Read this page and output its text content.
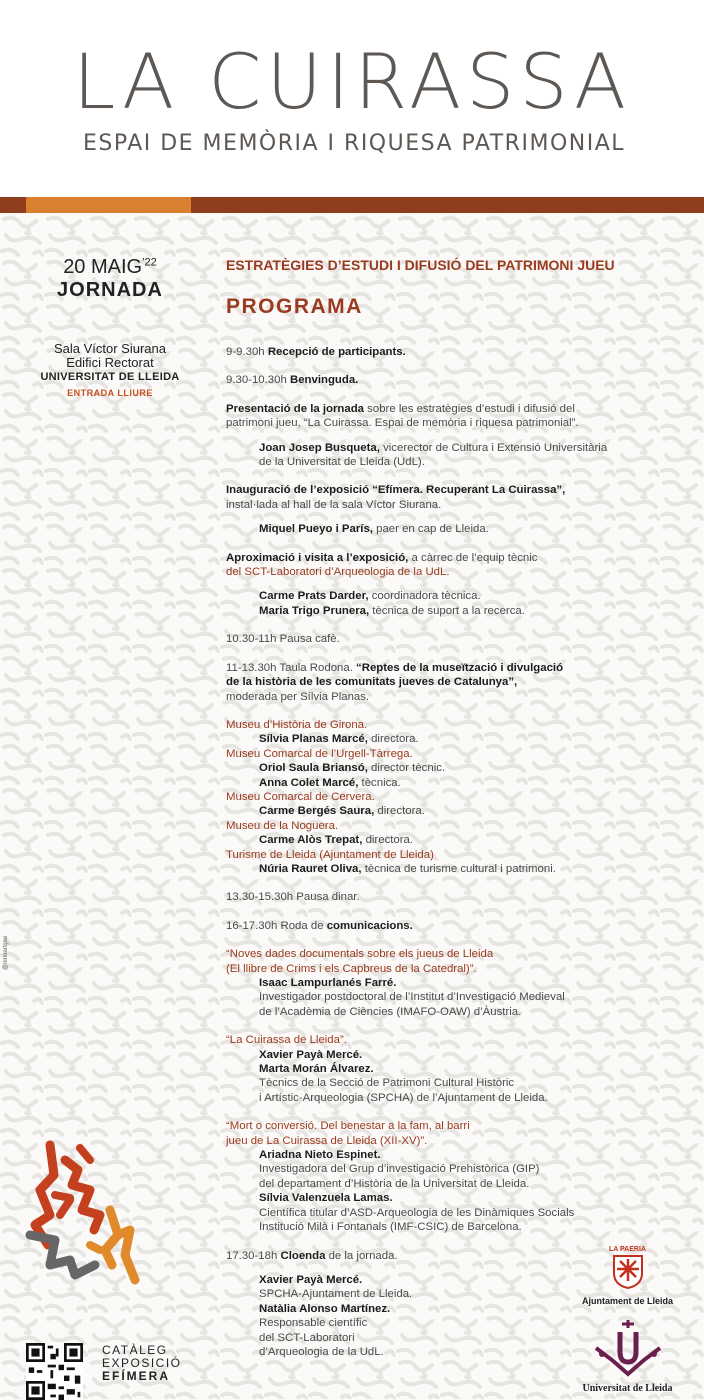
LA CUIRASSA
ESPAI DE MEMÒRIA I RIQUESA PATRIMONIAL
20 $MAIG^{’22}$
JORNADA
Sala Víctor Siurana
Edifici Rectorat
UNIVERSITAT DE LLEIDA
ENTRADA LLIURE
ESTRATÈGIES D’ESTUDI I DIFUSIÓ DEL PATRIMONI JUEU
PROGRAMA
9-9.30h Recepció de participants.
9.30-10.30h Benvinguda.
Presentació de la jornada sobre les estratègies d’estudi i difusió del
patrimoni jueu, “La Cuirassa. Espai de memòria i riquesa patrimonial”.
Joan Josep Busqueta, vicerector de Cultura i Extensió Universitària
de la Universitat de Lleida (UdL).
Inauguració de l’exposició “Efímera. Recuperant La Cuirassa”,
instal·lada al hall de la sala Víctor Siurana.
Miquel Pueyo i París, paer en cap de Lleida.
Aproximació i visita a l’exposició, a càrrec de l’equip tècnic
del SCT-Laboratori d’Arqueologia de la UdL.
Carme Prats Darder, coordinadora tècnica.
Maria Trigo Prunera, tècnica de suport a la recerca.
10.30-11h Pausa cafè.
11-13.30h Taula Rodona. “Reptes de la museïtzació i divulgació
de la història de les comunitats jueves de Catalunya”,
moderada per Sílvia Planas.
Museu d’Història de Girona.
Sílvia Planas Marcé, directora.
Museu Comarcal de l’Urgell-Tàrrega.
Oriol Saula Briansó, director tècnic.
Anna Colet Marcé, tècnica.
Museu Comarcal de Cervera.
Carme Bergés Saura, directora.
Museu de la Noguera.
Carme Alòs Trepat, directora.
Turisme de Lleida (Ajuntament de Lleida)
Núria Rauret Oliva, tècnica de turisme cultural i patrimoni.
13.30-15.30h Pausa dinar.
16-17.30h Roda de comunicacions.
“Noves dades documentals sobre els jueus de Lleida
(El llibre de Crims i els Capbreus de la Catedral)”.
Isaac Lampurlanés Farré.
Investigador postdoctoral de l’Institut d’Investigació Medieval
de l’Acadèmia de Ciències (IMAFO-OAW) d’Àustria.
“La Cuirassa de Lleida”.
Xavier Payà Mercé.
Marta Morán Álvarez.
Tècnics de la Secció de Patrimoni Cultural Històric
i Artístic-Arqueologia (SPCHA) de l’Ajuntament de Lleida.
“Mort o conversió. Del benestar a la fam, al barri
jueu de La Cuirassa de Lleida (XII-XV)”.
Ariadna Nieto Espinet.
Investigadora del Grup d’investigació Prehistòrica (GIP)
del departament d’Història de la Universitat de Lleida.
Sílvia Valenzuela Lamas.
Científica titular d’ASD-Arqueologia de les Dinàmiques Socials
Institució Milà i Fontanals (IMF-CSIC) de Barcelona.
17.30-18h Cloenda de la jornada.
Xavier Payà Mercé.
SPCHA-Ajuntament de Lleida.
Natàlia Alonso Martínez.
Responsable científic
del SCT-Laboratori
d’Arqueologia de la UdL.
@nineartgee
CATÀLEG
EXPOSICIÓ
EFÍMERA
LA PAERIA
Ajuntament de Lleida
Universitat de Lleida
